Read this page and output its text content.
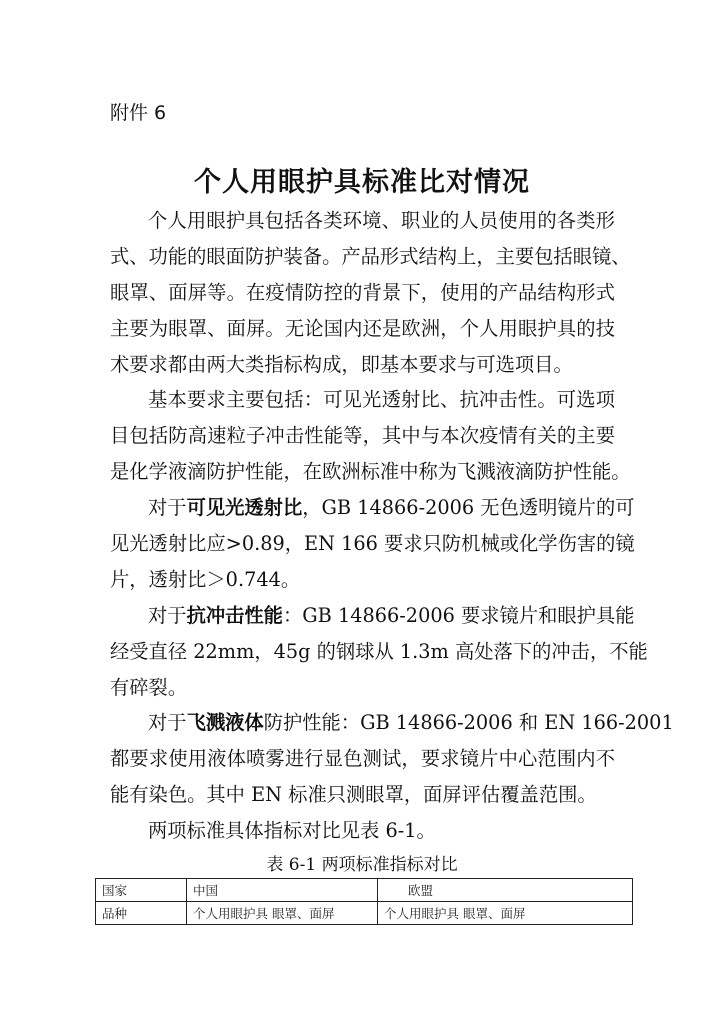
附件 6
个人用眼护具标准比对情况
个人用眼护具包括各类环境、职业的人员使用的各类形
式、功能的眼面防护装备。产品形式结构上，主要包括眼镜、
眼罩、面屏等。在疫情防控的背景下，使用的产品结构形式
主要为眼罩、面屏。无论国内还是欧洲，个人用眼护具的技
术要求都由两大类指标构成，即基本要求与可选项目。
基本要求主要包括：可见光透射比、抗冲击性。可选项
目包括防高速粒子冲击性能等，其中与本次疫情有关的主要
是化学液滴防护性能，在欧洲标准中称为飞溅液滴防护性能。
对于可见光透射比，GB 14866-2006 无色透明镜片的可
见光透射比应>0.89，EN 166 要求只防机械或化学伤害的镜
片，透射比＞0.744。
对于抗冲击性能：GB 14866-2006 要求镜片和眼护具能
经受直径 22mm，45g 的钢球从 1.3m 高处落下的冲击，不能
有碎裂。
对于飞溅液体防护性能：GB 14866-2006 和 EN 166-2001
都要求使用液体喷雾进行显色测试，要求镜片中心范围内不
能有染色。其中 EN 标准只测眼罩，面屏评估覆盖范围。
两项标准具体指标对比见表 6-1。
表 6-1 两项标准指标对比
国家	中国	欧盟
品种	个人用眼护具 眼罩、面屏	个人用眼护具 眼罩、面屏
